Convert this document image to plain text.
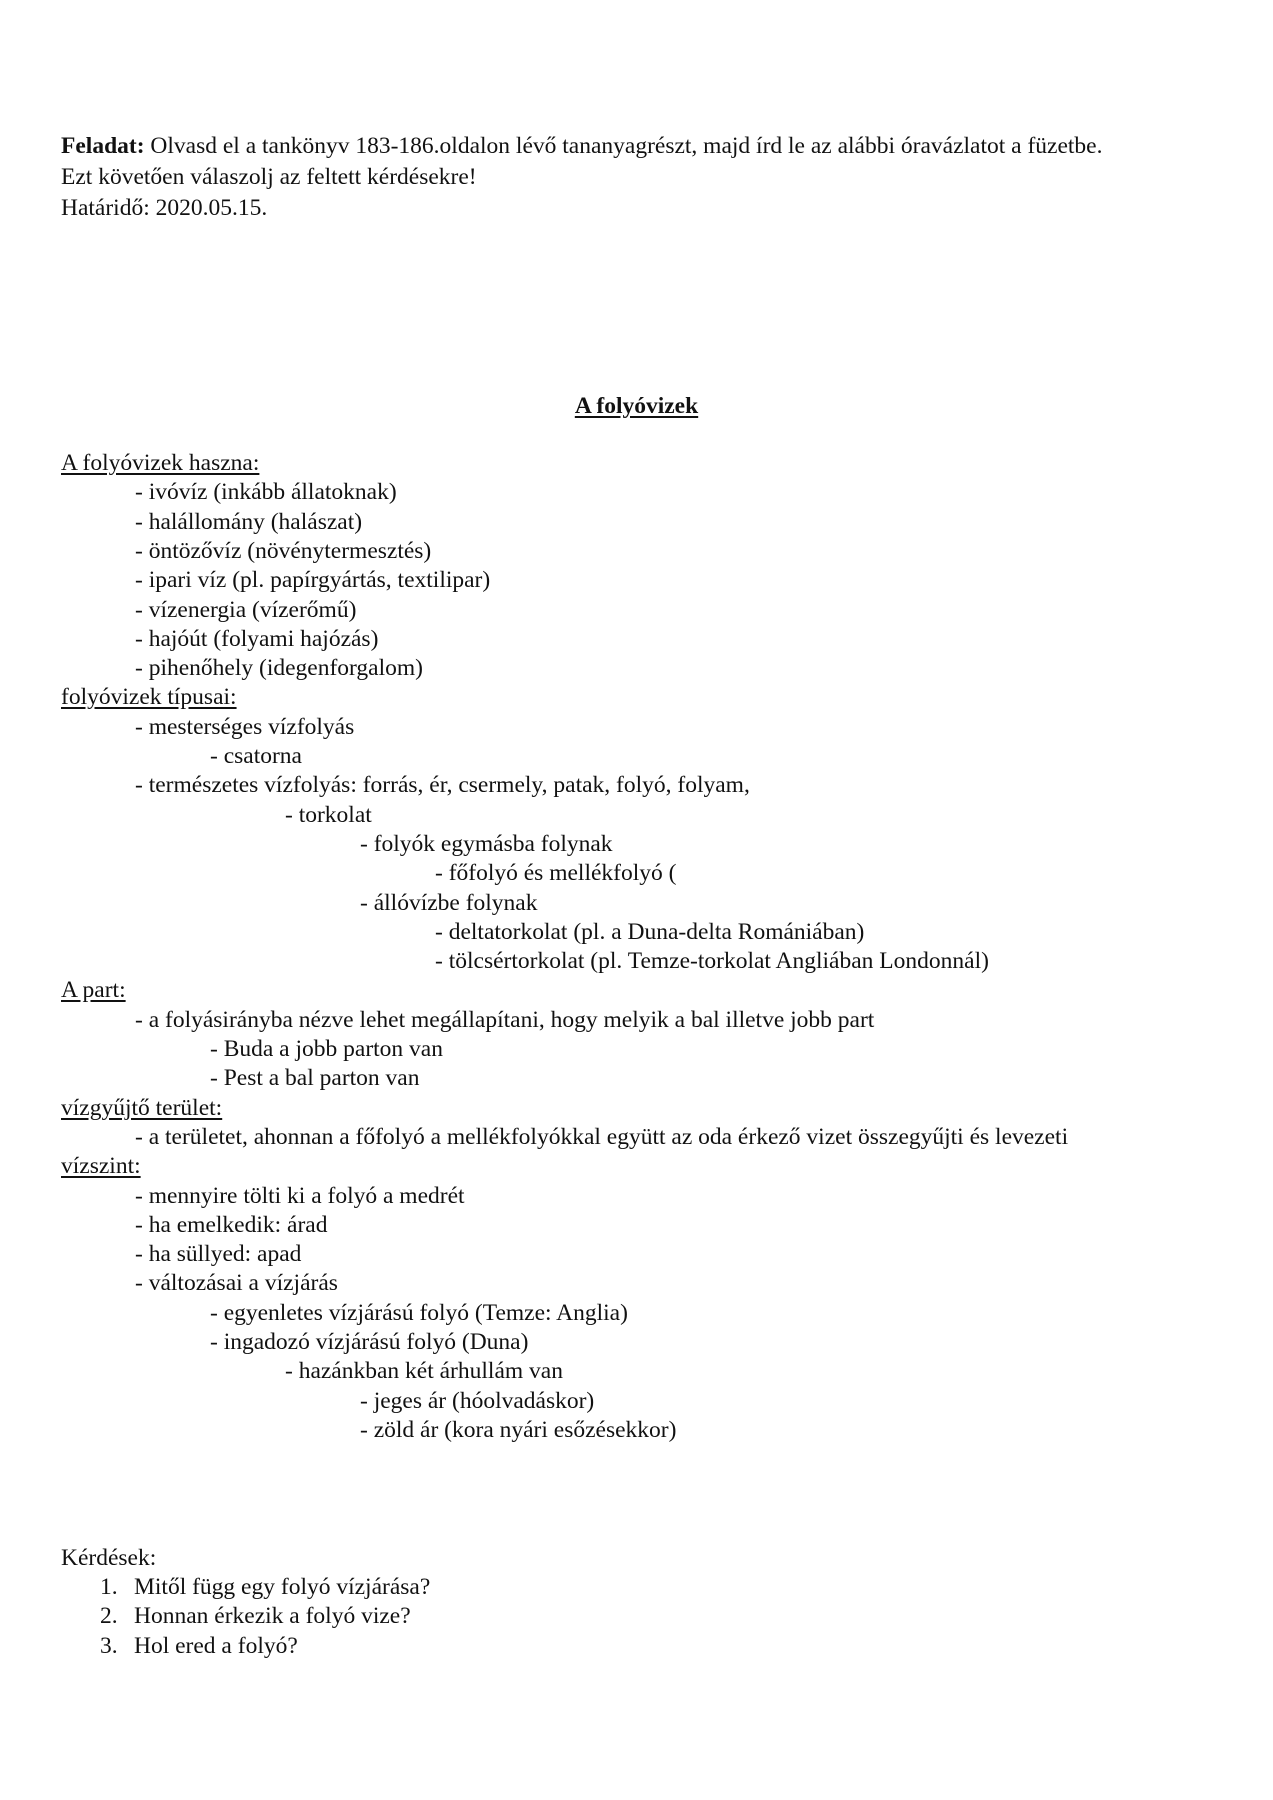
Feladat: Olvasd el a tankönyv 183-186.oldalon lévő tananyagrészt, majd írd le az alábbi óravázlatot a füzetbe.
Ezt követően válaszolj az feltett kérdésekre!
Határidő: 2020.05.15.
A folyóvizek
A folyóvizek haszna:
- ivóvíz (inkább állatoknak)
- halállomány (halászat)
- öntözővíz (növénytermesztés)
- ipari víz (pl. papírgyártás, textilipar)
- vízenergia (vízerőmű)
- hajóút (folyami hajózás)
- pihenőhely (idegenforgalom)
folyóvizek típusai:
- mesterséges vízfolyás
- csatorna
- természetes vízfolyás: forrás, ér, csermely, patak, folyó, folyam,
- torkolat
- folyók egymásba folynak
- főfolyó és mellékfolyó (
- állóvízbe folynak
- deltatorkolat (pl. a Duna-delta Romániában)
- tölcsértorkolat (pl. Temze-torkolat Angliában Londonnál)
A part:
- a folyásirányba nézve lehet megállapítani, hogy melyik a bal illetve jobb part
- Buda a jobb parton van
- Pest a bal parton van
vízgyűjtő terület:
- a területet, ahonnan a főfolyó a mellékfolyókkal együtt az oda érkező vizet összegyűjti és levezeti
vízszint:
- mennyire tölti ki a folyó a medrét
- ha emelkedik: árad
- ha süllyed: apad
- változásai a vízjárás
- egyenletes vízjárású folyó (Temze: Anglia)
- ingadozó vízjárású folyó (Duna)
- hazánkban két árhullám van
- jeges ár (hóolvadáskor)
- zöld ár (kora nyári esőzésekkor)
Kérdések:
1. Mitől függ egy folyó vízjárása?
2. Honnan érkezik a folyó vize?
3. Hol ered a folyó?
